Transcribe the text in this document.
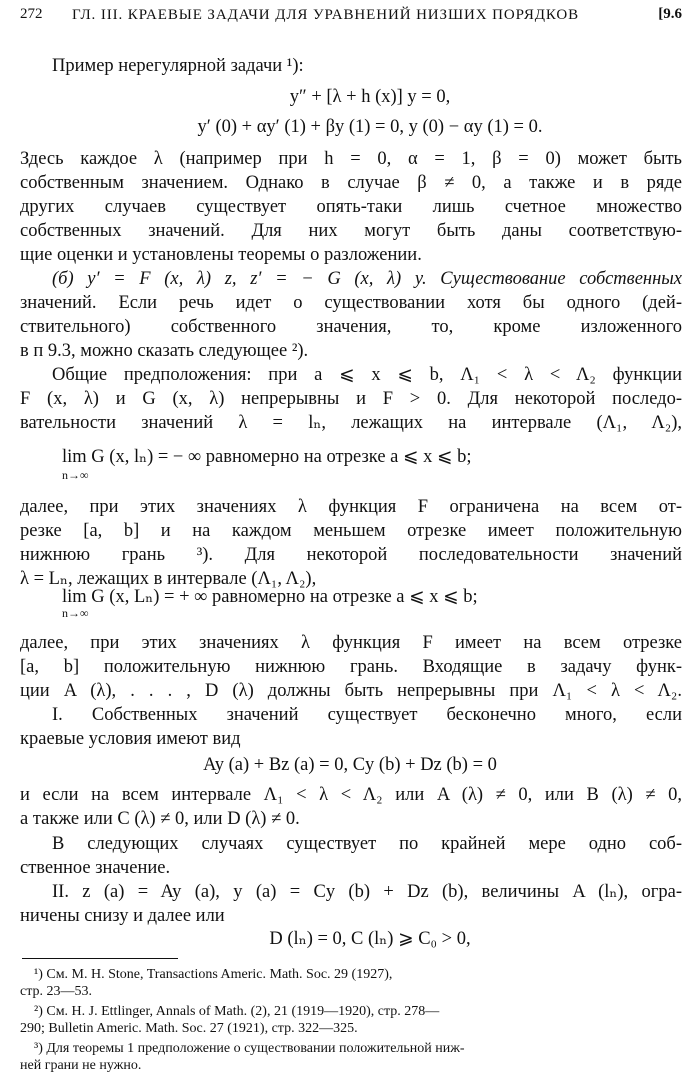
272 ГЛ. III. КРАЕВЫЕ ЗАДАЧИ ДЛЯ УРАВНЕНИЙ НИЗШИХ ПОРЯДКОВ	[9.6
Пример нерегулярной задачи ¹):
y″ + [λ + h (x)] y = 0,
y′ (0) + αy′ (1) + βy (1) = 0, y (0) − αy (1) = 0.
Здесь каждое λ (например при h = 0, α = 1, β = 0) может быть
собственным значением. Однако в случае β ≠ 0, а также и в ряде
других случаев существует опять-таки лишь счетное множество
собственных значений. Для них могут быть даны соответствую-
щие оценки и установлены теоремы о разложении.
(б) y′ = F (x, λ) z, z′ = − G (x, λ) y. Существование собственных
значений. Если речь идет о существовании хотя бы одного (дей-
ствительного) собственного значения, то, кроме изложенного
в п 9.3, можно сказать следующее ²).
Общие предположения: при a ⩽ x ⩽ b, Λ₁ < λ < Λ₂ функции
F (x, λ) и G (x, λ) непрерывны и F > 0. Для некоторой последо-
вательности значений λ = lₙ, лежащих на интервале (Λ₁, Λ₂),
lim G (x, lₙ) = − ∞ равномерно на отрезке a ⩽ x ⩽ b;
n→∞
далее, при этих значениях λ функция F ограничена на всем от-
резке [a, b] и на каждом меньшем отрезке имеет положительную
нижнюю грань ³). Для некоторой последовательности значений
λ = Lₙ, лежащих в интервале (Λ₁, Λ₂),
lim G (x, Lₙ) = + ∞ равномерно на отрезке a ⩽ x ⩽ b;
n→∞
далее, при этих значениях λ функция F имеет на всем отрезке
[a, b] положительную нижнюю грань. Входящие в задачу функ-
ции A (λ), . . . , D (λ) должны быть непрерывны при Λ₁ < λ < Λ₂.
I. Собственных значений существует бесконечно много, если
краевые условия имеют вид
Ay (a) + Bz (a) = 0, Cy (b) + Dz (b) = 0
и если на всем интервале Λ₁ < λ < Λ₂ или A (λ) ≠ 0, или B (λ) ≠ 0,
а также или C (λ) ≠ 0, или D (λ) ≠ 0.
В следующих случаях существует по крайней мере одно соб-
ственное значение.
II. z (a) = Ay (a), y (a) = Cy (b) + Dz (b), величины A (lₙ), огра-
ничены снизу и далее или
¹) См. M. H. Stone, Transactions Americ. Math. Soc. 29 (1927),
стр. 23—53.
²) См. H. J. Ettlinger, Annals of Math. (2), 21 (1919—1920), стр. 278—
290; Bulletin Americ. Math. Soc. 27 (1921), стр. 322—325.
³) Для теоремы 1 предположение о существовании положительной ниж-
ней грани не нужно.
D (lₙ) = 0, C (lₙ) ⩾ C₀ > 0,
